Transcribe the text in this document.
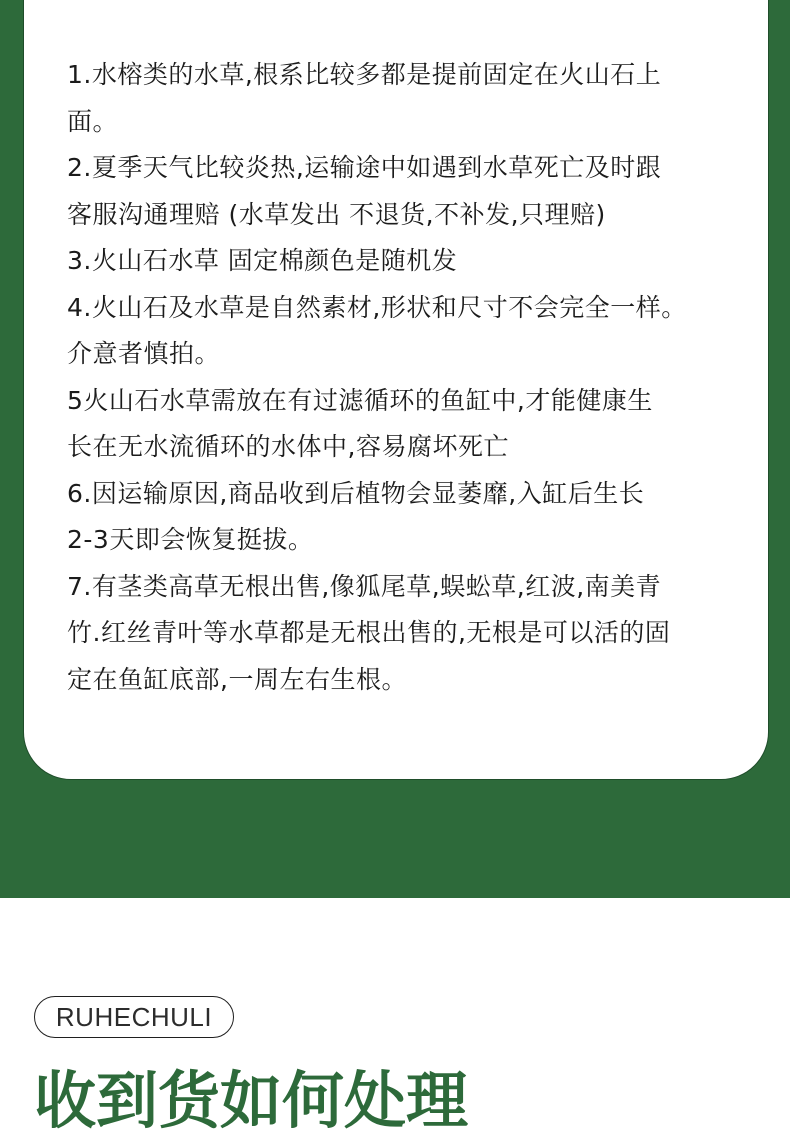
1.水榕类的水草,根系比较多都是提前固定在火山石上
面。
2.夏季天气比较炎热,运输途中如遇到水草死亡及时跟
客服沟通理赔 (水草发出 不退货,不补发,只理赔)
3.火山石水草 固定棉颜色是随机发
4.火山石及水草是自然素材,形状和尺寸不会完全一样。
介意者慎拍。
5火山石水草需放在有过滤循环的鱼缸中,才能健康生
长在无水流循环的水体中,容易腐坏死亡
6.因运输原因,商品收到后植物会显萎靡,入缸后生长
2-3天即会恢复挺拔。
7.有茎类高草无根出售,像狐尾草,蜈蚣草,红波,南美青
竹.红丝青叶等水草都是无根出售的,无根是可以活的固
定在鱼缸底部,一周左右生根。
RUHECHULI
收到货如何处理
